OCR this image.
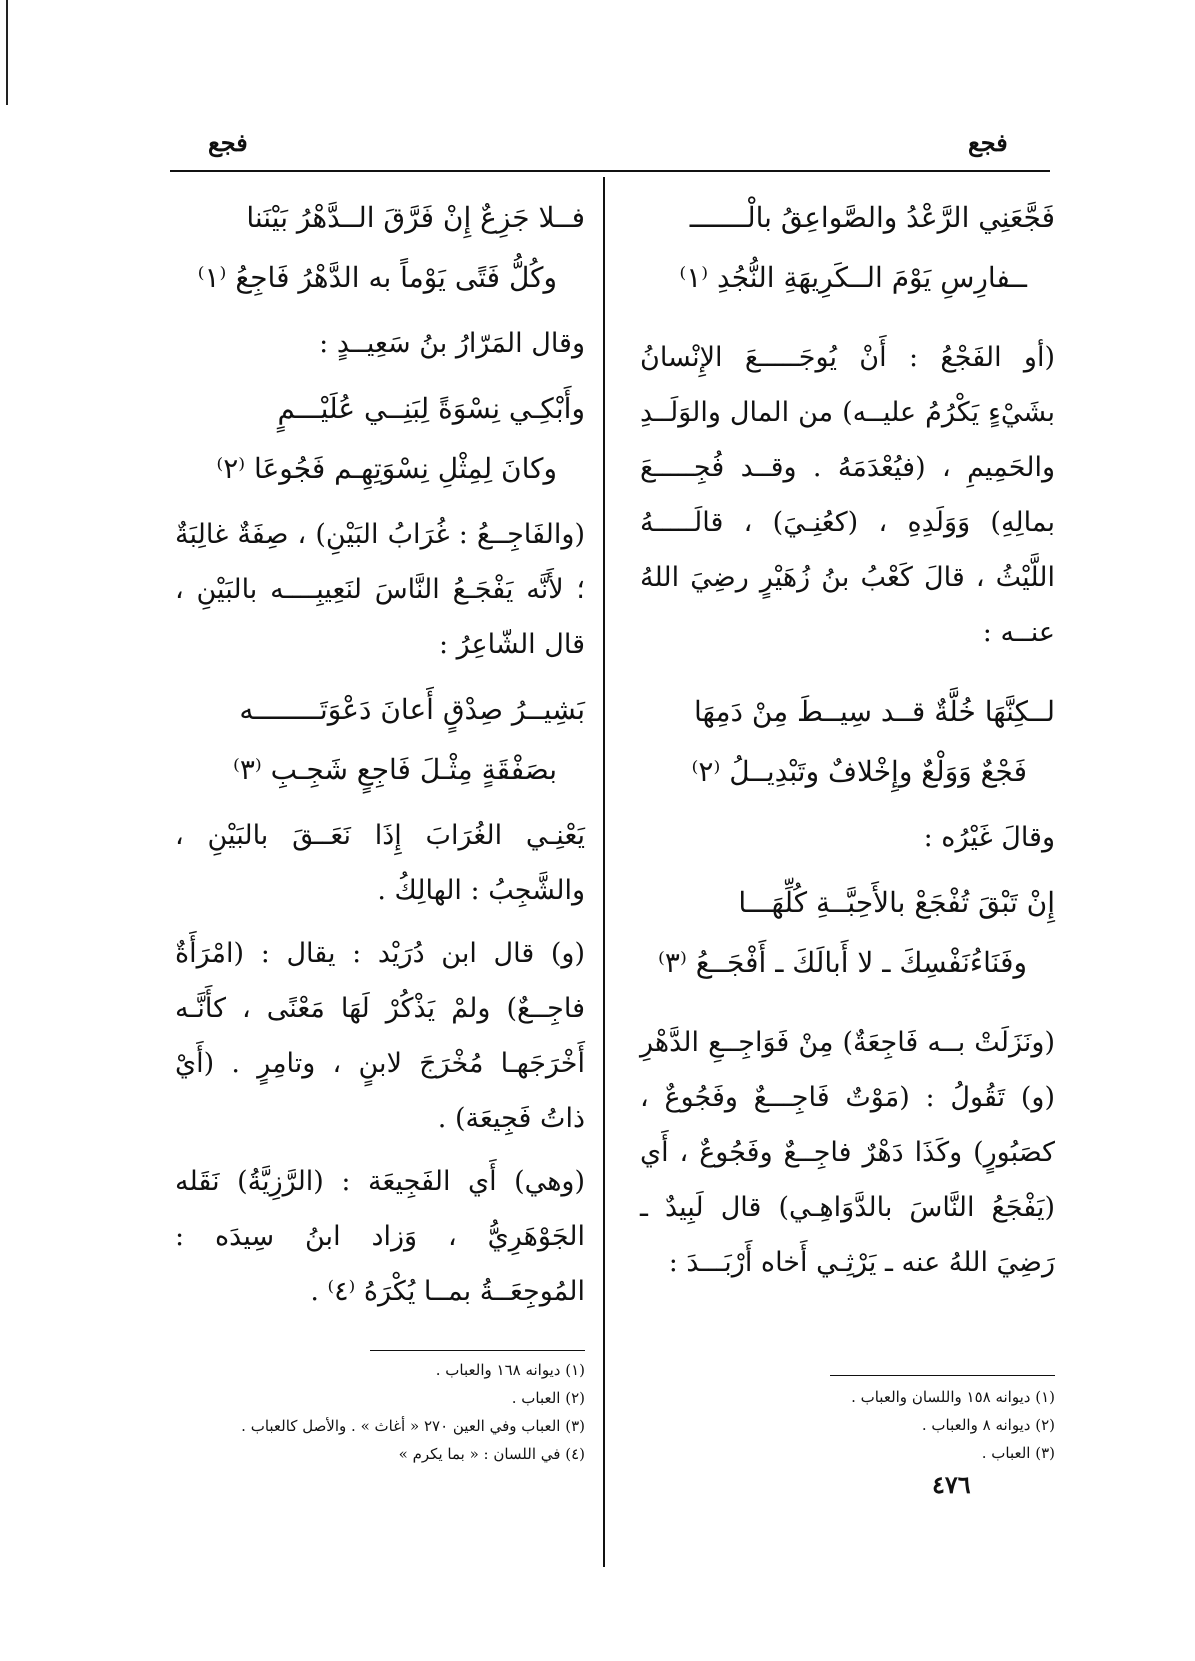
فجع
فجع
فَجَّعَنِي الرَّعْدُ والصَّواعِقُ بالْـــــــ
ــفارِسِ يَوْمَ الــكَرِيهَةِ النُّجُدِ ⁽١⁾

(أو الفَجْعُ : أَنْ يُوجَـــــعَ الإِنْسانُ بشَيْءٍ يَكْرُمُ عليــه) من المال والوَلَــدِ والحَمِيمِ ، (فيُعْدَمَهُ . وقــد فُجِـــــعَ بمالِهِ) وَوَلَدِهِ ، (كعُنِـيَ) ، قالَـــــهُ اللَّيْثُ ، قالَ كَعْبُ بنُ زُهَيْرٍ رضِيَ اللهُ عنــه :

لــكِنَّهَا خُلَّةٌ قــد سِيــطَ مِنْ دَمِهَا
فَجْعٌ وَوَلْعٌ وإِخْلافٌ وتَبْدِيــلُ ⁽٢⁾

وقالَ غَيْرُه :

إِنْ تَبْقَ تُفْجَعْ بالأَحِبَّــةِ كُلِّهَـــا
وفَنَاءُنَفْسِكَ ـ لا أَبالَكَ ـ أَفْجَــعُ ⁽٣⁾

(ونَزَلَتْ بــه فَاجِعَةٌ) مِنْ فَوَاجِــعِ الدَّهْرِ (و) تَقُولُ : (مَوْتٌ فَاجِـــعٌ وفَجُوعٌ ، كصَبُورٍ) وكَذَا دَهْرٌ فاجِــعٌ وفَجُوعٌ ، أَي (يَفْجَعُ النَّاسَ بالدَّوَاهِـي) قال لَبِيدٌ ـ رَضِيَ اللهُ عنه ـ يَرْثِـي أَخاه أَرْبَـــدَ :

فــلا جَزِعٌ إِنْ فَرَّقَ الــدَّهْرُ بَيْنَنا
وكُلُّ فَتًى يَوْماً به الدَّهْرُ فَاجِعُ ⁽١⁾

وقال المَرّارُ بنُ سَعِيــدٍ :

وأَبْكِـي نِسْوَةً لِبَنِــي عُلَيْـــمٍ
وكانَ لِمِثْلِ نِسْوَتِهِـم فَجُوعَا ⁽٢⁾

(والفَاجِــعُ : غُرَابُ البَيْنِ) ، صِفَةٌ غالِبَةٌ ؛ لأَنَّه يَفْجَـعُ النَّاسَ لنَعِيبِــــه بالبَيْنِ ، قال الشّاعِرُ :

بَشِيــرُ صِدْقٍ أَعانَ دَعْوَتَــــــــه
بصَفْقَةٍ مِثْـلَ فَاجِعٍ شَجِـبِ ⁽٣⁾

يَعْنِـي الغُرَابَ إِذَا نَعَــقَ بالبَيْنِ ، والشَّجِبُ : الهالِكُ .

(و) قال ابن دُرَيْد : يقال : (امْرَأَةٌ فاجِــعٌ) ولمْ يَذْكُرْ لَهَا مَعْنًى ، كأَنَّـه أَخْرَجَهـا مُخْرَجَ لابنٍ ، وتامِرٍ . (أَيْ ذاتُ فَجِيعَة) .

(وهي) أَي الفَجِيعَة : (الرَّزِيَّةُ) نَقَله الجَوْهَرِيُّ ، وَزاد ابنُ سِيدَه : المُوجِعَــةُ بمــا يُكْرَهُ ⁽٤⁾ .

(١) ديوانه ١٥٨ واللسان والعباب .
(٢) ديوانه ٨ والعباب .
(٣) العباب .
(١) ديوانه ١٦٨ والعباب .
(٢) العباب .
(٣) العباب وفي العين ٢٧٠ « أغاث » . والأصل كالعباب .
(٤) في اللسان : « بما يكرم »
٤٧٦
